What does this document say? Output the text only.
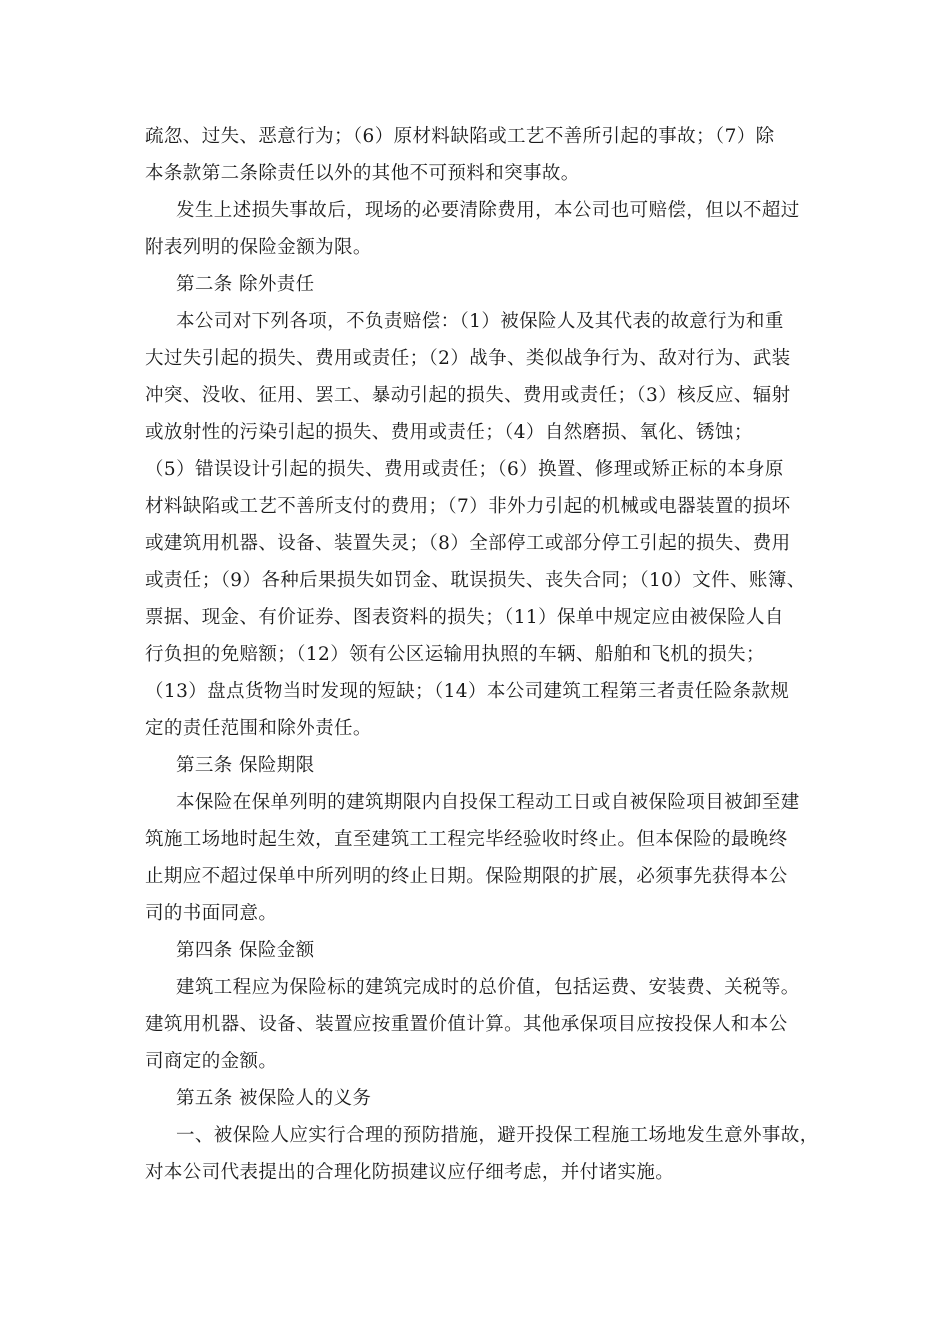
疏忽、过失、恶意行为；（6）原材料缺陷或工艺不善所引起的事故；（7）除
本条款第二条除责任以外的其他不可预料和突事故。
发生上述损失事故后，现场的必要清除费用，本公司也可赔偿，但以不超过
附表列明的保险金额为限。
第二条 除外责任
本公司对下列各项，不负责赔偿：（1）被保险人及其代表的故意行为和重
大过失引起的损失、费用或责任；（2）战争、类似战争行为、敌对行为、武装
冲突、没收、征用、罢工、暴动引起的损失、费用或责任；（3）核反应、辐射
或放射性的污染引起的损失、费用或责任；（4）自然磨损、氧化、锈蚀；
（5）错误设计引起的损失、费用或责任；（6）换置、修理或矫正标的本身原
材料缺陷或工艺不善所支付的费用；（7）非外力引起的机械或电器装置的损坏
或建筑用机器、设备、装置失灵；（8）全部停工或部分停工引起的损失、费用
或责任；（9）各种后果损失如罚金、耽误损失、丧失合同；（10）文件、账簿、
票据、现金、有价证券、图表资料的损失；（11）保单中规定应由被保险人自
行负担的免赔额；（12）领有公区运输用执照的车辆、船舶和飞机的损失；
（13）盘点货物当时发现的短缺；（14）本公司建筑工程第三者责任险条款规
定的责任范围和除外责任。
第三条 保险期限
本保险在保单列明的建筑期限内自投保工程动工日或自被保险项目被卸至建
筑施工场地时起生效，直至建筑工工程完毕经验收时终止。但本保险的最晚终
止期应不超过保单中所列明的终止日期。保险期限的扩展，必须事先获得本公
司的书面同意。
第四条 保险金额
建筑工程应为保险标的建筑完成时的总价值，包括运费、安装费、关税等。
建筑用机器、设备、装置应按重置价值计算。其他承保项目应按投保人和本公
司商定的金额。
第五条 被保险人的义务
一、被保险人应实行合理的预防措施，避开投保工程施工场地发生意外事故，
对本公司代表提出的合理化防损建议应仔细考虑，并付诸实施。
